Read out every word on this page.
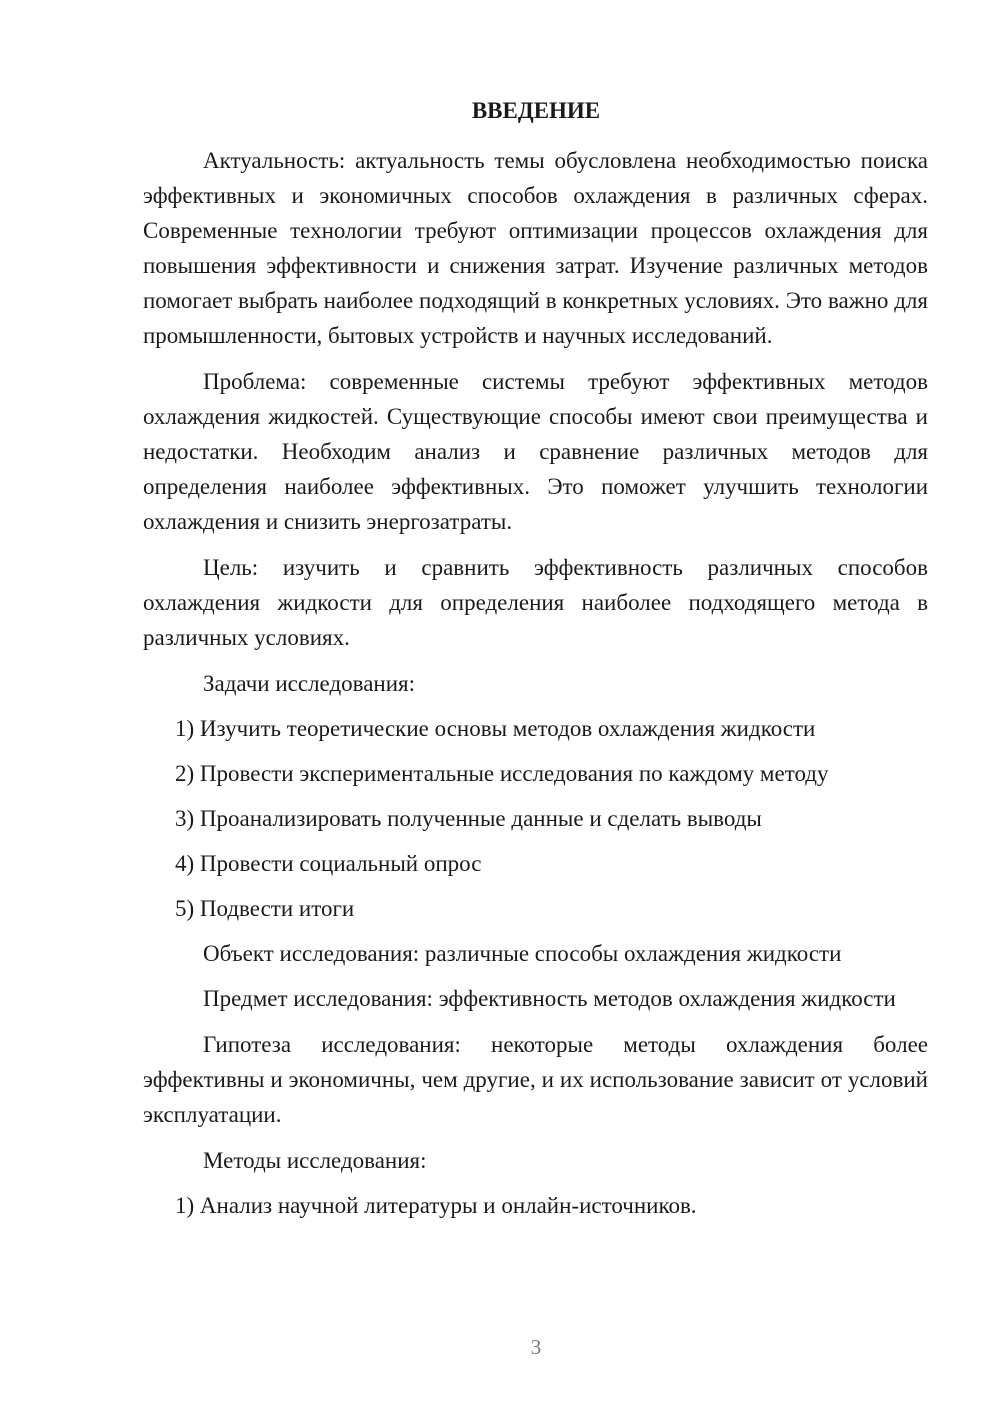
ВВЕДЕНИЕ

Актуальность: актуальность темы обусловлена необходимостью поиска эффективных и экономичных способов охлаждения в различных сферах. Современные технологии требуют оптимизации процессов охлаждения для повышения эффективности и снижения затрат. Изучение различных методов помогает выбрать наиболее подходящий в конкретных условиях. Это важно для промышленности, бытовых устройств и научных исследований.

Проблема: современные системы требуют эффективных методов охлаждения жидкостей. Существующие способы имеют свои преимущества и недостатки. Необходим анализ и сравнение различных методов для определения наиболее эффективных. Это поможет улучшить технологии охлаждения и снизить энергозатраты.

Цель: изучить и сравнить эффективность различных способов охлаждения жидкости для определения наиболее подходящего метода в различных условиях.

Задачи исследования:

1) Изучить теоретические основы методов охлаждения жидкости
2) Провести экспериментальные исследования по каждому методу
3) Проанализировать полученные данные и сделать выводы
4) Провести социальный опрос
5) Подвести итоги

Объект исследования: различные способы охлаждения жидкости

Предмет исследования: эффективность методов охлаждения жидкости

Гипотеза исследования: некоторые методы охлаждения более эффективны и экономичны, чем другие, и их использование зависит от условий эксплуатации.

Методы исследования:

1) Анализ научной литературы и онлайн-источников.
3
